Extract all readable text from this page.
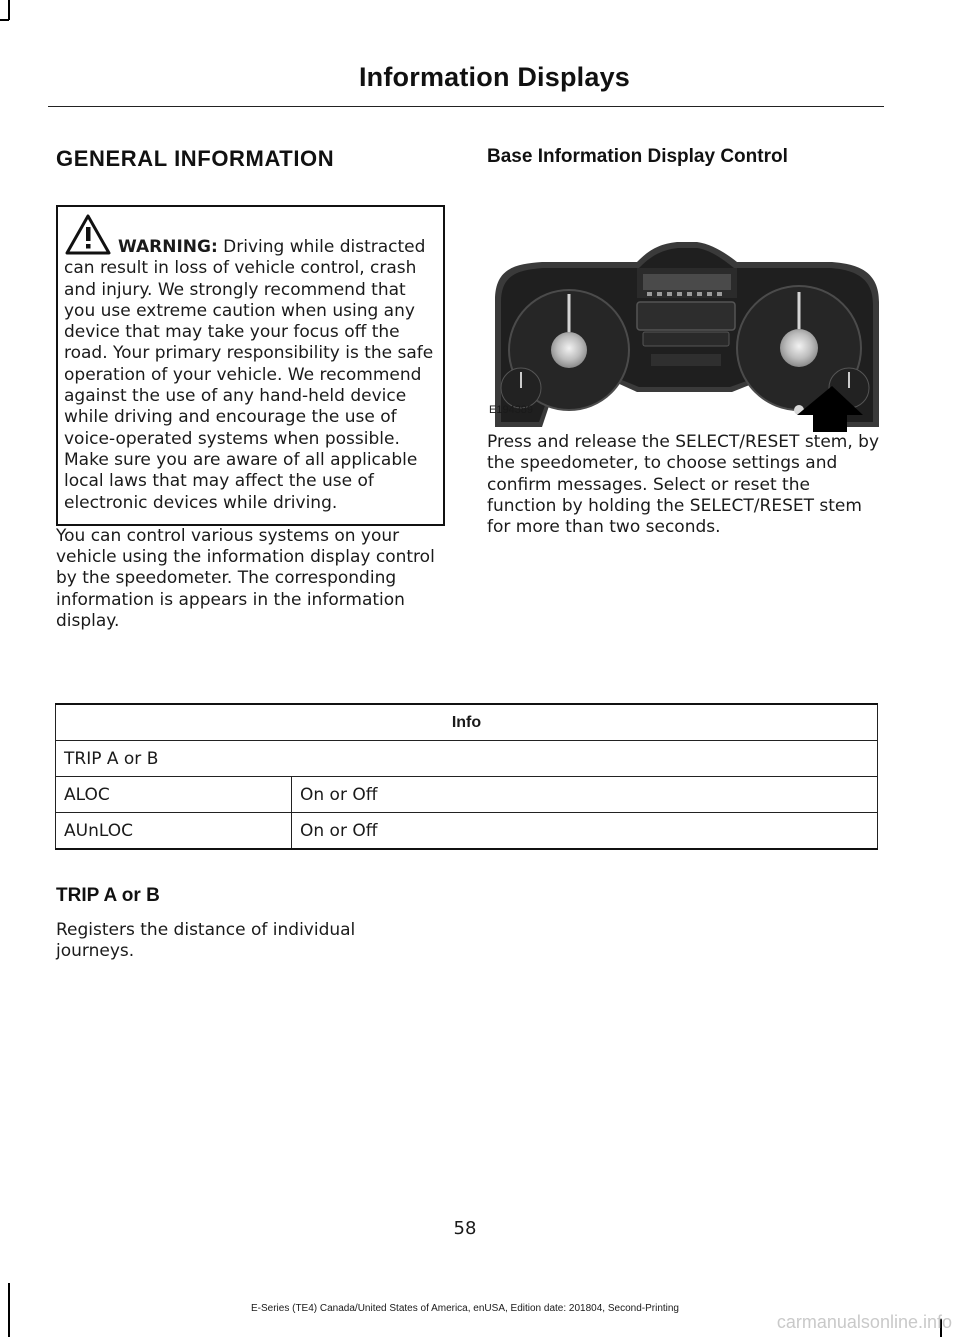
Information Displays
GENERAL INFORMATION

WARNING: Driving while distracted can result in loss of vehicle control, crash and injury. We strongly recommend that you use extreme caution when using any device that may take your focus off the road. Your primary responsibility is the safe operation of your vehicle. We recommend against the use of any hand-held device while driving and encourage the use of voice-operated systems when possible. Make sure you are aware of all applicable local laws that may affect the use of electronic devices while driving.

You can control various systems on your vehicle using the information display control by the speedometer. The corresponding information is appears in the information display.

Base Information Display Control
E194389

Press and release the SELECT/RESET stem, by the speedometer, to choose settings and confirm messages. Select or reset the function by holding the SELECT/RESET stem for more than two seconds.

Info	
TRIP A or B	
ALOC	On or Off
AUnLOC	On or Off
TRIP A or B

Registers the distance of individual journeys.

58
E-Series (TE4) Canada/United States of America, enUSA, Edition date: 201804, Second-Printing
carmanualsonline.info
